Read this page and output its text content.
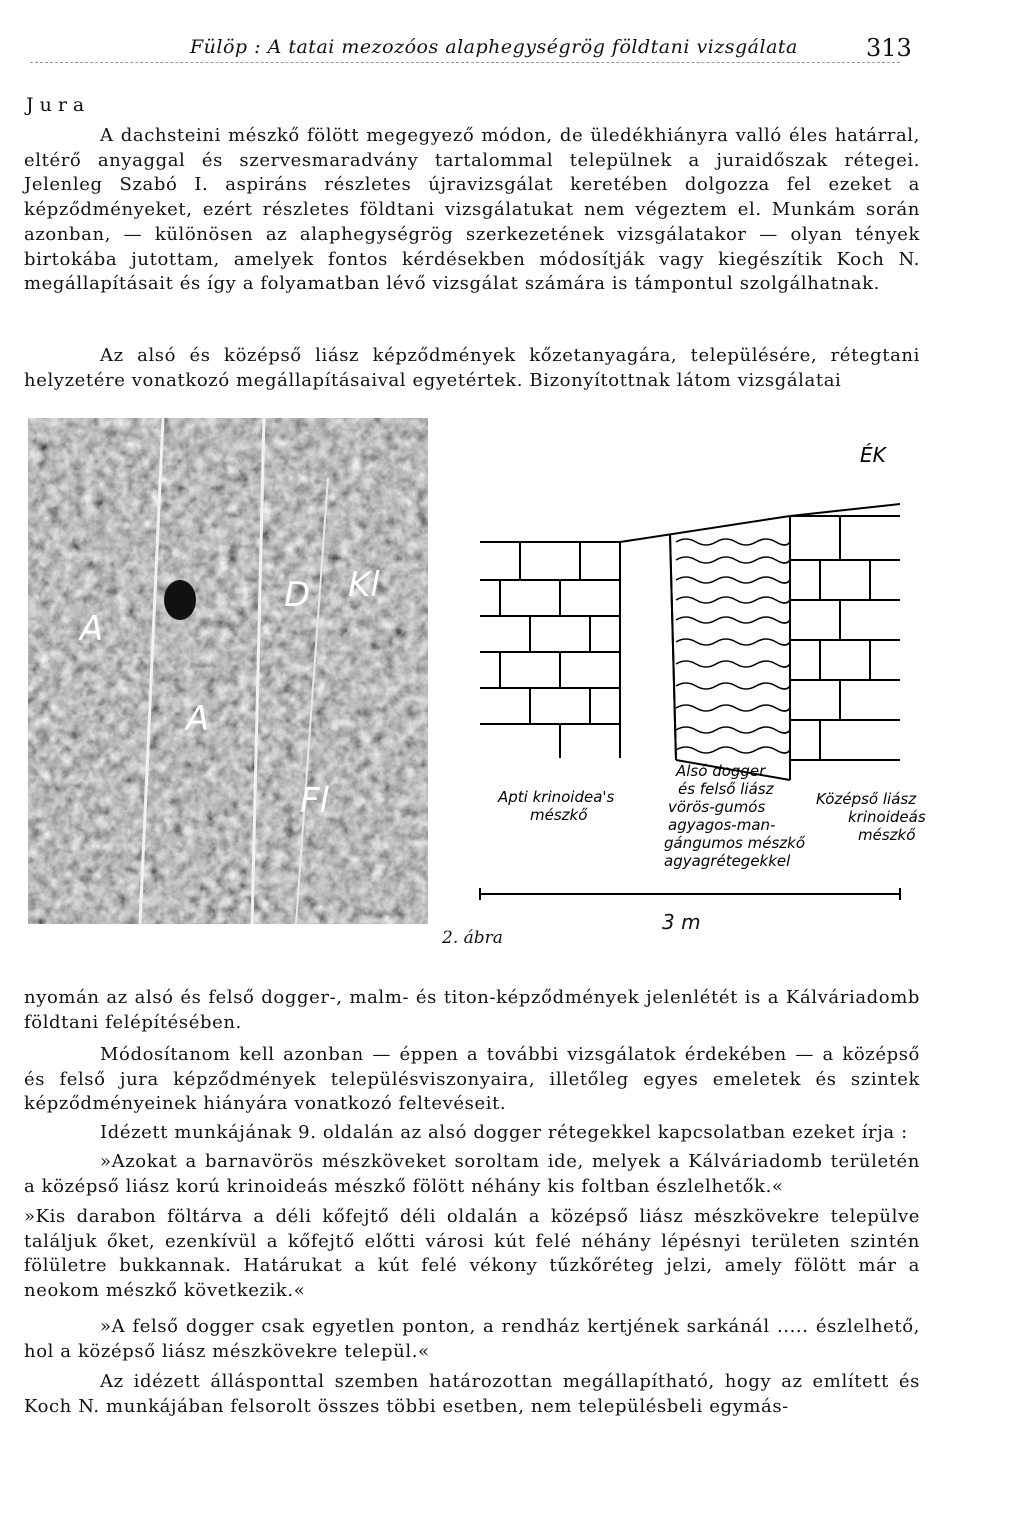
Fülöp : A tatai mezozóos alaphegységrög földtani vizsgálata	313
Jura

A dachsteini mészkő fölött megegyező módon, de üledékhiányra valló éles határral, eltérő anyaggal és szervesmaradvány tartalommal települnek a juraidőszak rétegei. Jelenleg Szabó I. aspiráns részletes újravizsgálat keretében dolgozza fel ezeket a képződményeket, ezért részletes földtani vizsgálatukat nem végeztem el. Munkám során azonban, — különösen az alaphegységrög szerkezetének vizsgálatakor — olyan tények birtokába jutottam, amelyek fontos kérdésekben módosítják vagy kiegészítik Koch N. megállapításait és így a folyamatban lévő vizsgálat számára is támpontul szolgálhatnak.

Az alsó és középső liász képződmények kőzetanyagára, településére, rétegtani helyzetére vonatkozó megállapításaival egyetértek. Bizonyítottnak látom vizsgálatai

A
D Kl
A
Fl
ÉK
Apti krinoidea's
mészkő
Alsó dogger
és felső liász
vörös-gumós
agyagos-man-
gángumos mészkő
agyagrétegekkel
Középső liász
krinoideás
mészkő
3 m
2. ábra

nyomán az alsó és felső dogger-, malm- és titon-képződmények jelenlétét is a Kálváriadomb földtani felépítésében.

Módosítanom kell azonban — éppen a további vizsgálatok érdekében — a középső és felső jura képződmények településviszonyaira, illetőleg egyes emeletek és szintek képződményeinek hiányára vonatkozó feltevéseit.

Idézett munkájának 9. oldalán az alsó dogger rétegekkel kapcsolatban ezeket írja :

»Azokat a barnavörös mészköveket soroltam ide, melyek a Kálváriadomb területén a középső liász korú krinoideás mészkő fölött néhány kis foltban észlelhetők.«

»Kis darabon föltárva a déli kőfejtő déli oldalán a középső liász mészkövekre települve találjuk őket, ezenkívül a kőfejtő előtti városi kút felé néhány lépésnyi területen szintén fölületre bukkannak. Határukat a kút felé vékony tűzkőréteg jelzi, amely fölött már a neokom mészkő következik.«

»A felső dogger csak egyetlen ponton, a rendház kertjének sarkánál ..... észlelhető, hol a középső liász mészkövekre települ.«

Az idézett állásponttal szemben határozottan megállapítható, hogy az említett és Koch N. munkájában felsorolt összes többi esetben, nem településbeli egymás-
